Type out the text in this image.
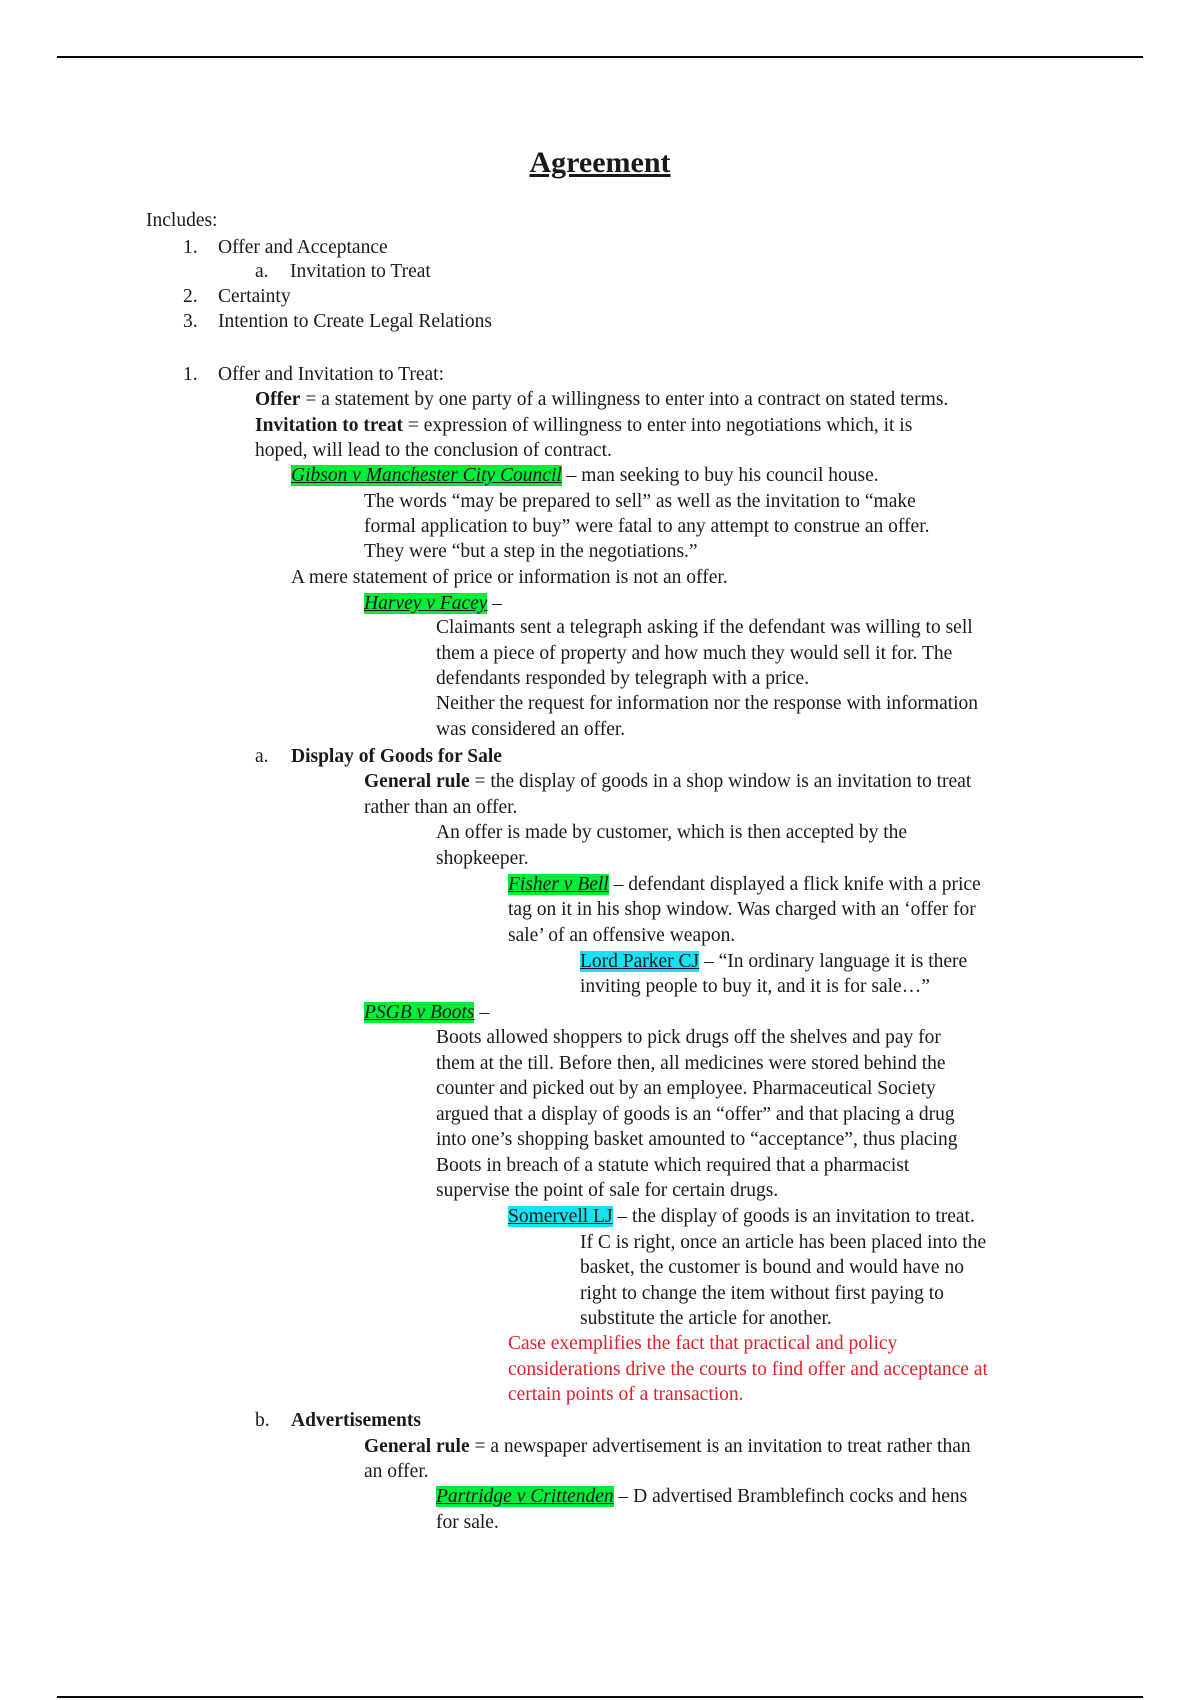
Agreement

Includes:

1. Offer and Acceptance

a. Invitation to Treat

2. Certainty

3. Intention to Create Legal Relations

1. Offer and Invitation to Treat:

Offer = a statement by one party of a willingness to enter into a contract on stated terms.

Invitation to treat = expression of willingness to enter into negotiations which, it is

hoped, will lead to the conclusion of contract.

Gibson v Manchester City Council – man seeking to buy his council house.

The words “may be prepared to sell” as well as the invitation to “make

formal application to buy” were fatal to any attempt to construe an offer.

They were “but a step in the negotiations.”

A mere statement of price or information is not an offer.

Harvey v Facey –

Claimants sent a telegraph asking if the defendant was willing to sell

them a piece of property and how much they would sell it for. The

defendants responded by telegraph with a price.

Neither the request for information nor the response with information

was considered an offer.

a. Display of Goods for Sale

General rule = the display of goods in a shop window is an invitation to treat

rather than an offer.

An offer is made by customer, which is then accepted by the

shopkeeper.

Fisher v Bell – defendant displayed a flick knife with a price

tag on it in his shop window. Was charged with an ‘offer for

sale’ of an offensive weapon.

Lord Parker CJ – “In ordinary language it is there

inviting people to buy it, and it is for sale…”

PSGB v Boots –

Boots allowed shoppers to pick drugs off the shelves and pay for

them at the till. Before then, all medicines were stored behind the

counter and picked out by an employee. Pharmaceutical Society

argued that a display of goods is an “offer” and that placing a drug

into one’s shopping basket amounted to “acceptance”, thus placing

Boots in breach of a statute which required that a pharmacist

supervise the point of sale for certain drugs.

Somervell LJ – the display of goods is an invitation to treat.

If C is right, once an article has been placed into the

basket, the customer is bound and would have no

right to change the item without first paying to

substitute the article for another.

Case exemplifies the fact that practical and policy

considerations drive the courts to find offer and acceptance at

certain points of a transaction.

b. Advertisements

General rule = a newspaper advertisement is an invitation to treat rather than

an offer.

Partridge v Crittenden – D advertised Bramblefinch cocks and hens

for sale.
